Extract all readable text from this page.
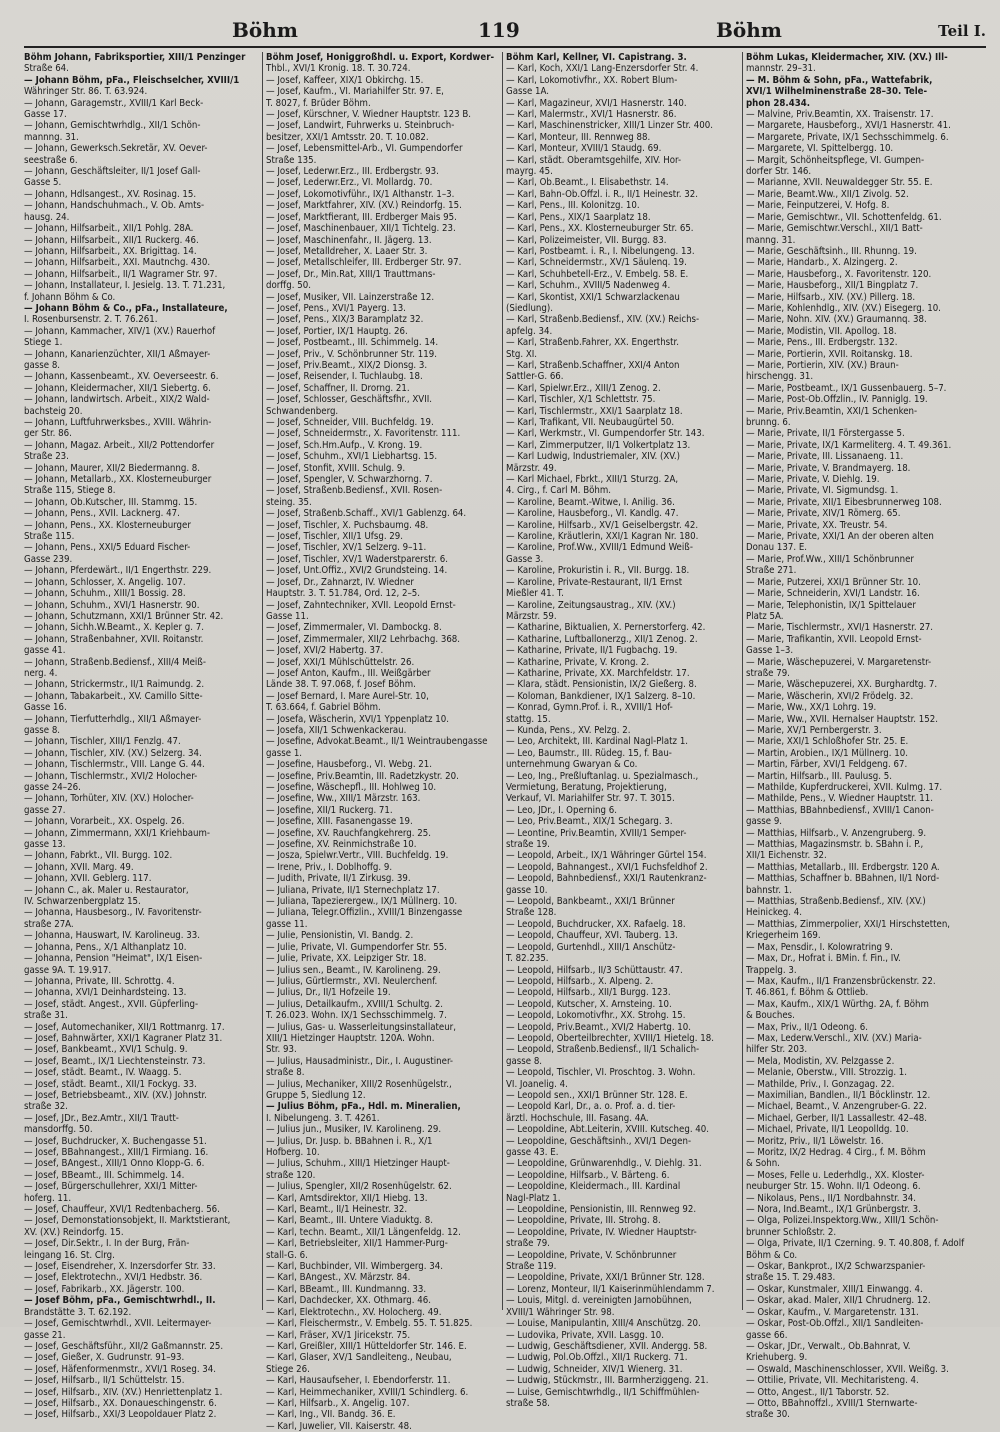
Böhm	119	Böhm	Teil I.
Böhm Johann, Fabriksportier, XIII/1 Penzinger
Straße 64.
— Johann Böhm, pFa., Fleischselcher, XVIII/1
Währinger Str. 86. T. 63.924.
— Johann, Garagemstr., XVIII/1 Karl Beck-
Gasse 17.
— Johann, Gemischtwrhdlg., XII/1 Schön-
mannng. 31.
— Johann, Gewerksch.Sekretär, XV. Oever-
seestraße 6.
— Johann, Geschäftsleiter, II/1 Josef Gall-
Gasse 5.
— Johann, Hdlsangest., XV. Rosinag. 15.
— Johann, Handschuhmach., V. Ob. Amts-
hausg. 24.
— Johann, Hilfsarbeit., XII/1 Pohlg. 28A.
— Johann, Hilfsarbeit., XII/1 Ruckerg. 46.
— Johann, Hilfsarbeit., XX. Brigittag. 14.
— Johann, Hilfsarbeit., XXI. Mautnchg. 430.
— Johann, Hilfsarbeit., II/1 Wagramer Str. 97.
— Johann, Installateur, I. Jesielg. 13. T. 71.231,
f. Johann Böhm & Co.
— Johann Böhm & Co., pFa., Installateure,
I. Rosenbursenstr. 2. T. 76.261.
— Johann, Kammacher, XIV/1 (XV.) Rauerhof
Stiege 1.
— Johann, Kanarienzüchter, XII/1 Aßmayer-
gasse 8.
— Johann, Kassenbeamt., XV. Oeverseestr. 6.
— Johann, Kleidermacher, XII/1 Siebertg. 6.
— Johann, landwirtsch. Arbeit., XIX/2 Wald-
bachsteig 20.
— Johann, Luftfuhrwerksbes., XVIII. Währin-
ger Str. 86.
— Johann, Magaz. Arbeit., XII/2 Pottendorfer
Straße 23.
— Johann, Maurer, XII/2 Biedermanng. 8.
— Johann, Metallarb., XX. Klosterneuburger
Straße 115, Stiege 8.
— Johann, Ob.Kutscher, III. Stammg. 15.
— Johann, Pens., XVII. Lacknerg. 47.
— Johann, Pens., XX. Klosterneuburger
Straße 115.
— Johann, Pens., XXI/5 Eduard Fischer-
Gasse 239.
— Johann, Pferdewärt., II/1 Engerthstr. 229.
— Johann, Schlosser, X. Angelig. 107.
— Johann, Schuhm., XIII/1 Bossig. 28.
— Johann, Schuhm., XVI/1 Hasnerstr. 90.
— Johann, Schutzmann, XXI/1 Brünner Str. 42.
— Johann, Sichh.W.Beamt., X. Kepler g. 7.
— Johann, Straßenbahner, XVII. Roitanstr.
gasse 41.
— Johann, Straßenb.Bediensf., XIII/4 Meiß-
nerg. 4.
— Johann, Strickermstr., II/1 Raimundg. 2.
— Johann, Tabakarbeit., XV. Camillo Sitte-
Gasse 16.
— Johann, Tierfutterhdlg., XII/1 Aßmayer-
gasse 8.
— Johann, Tischler, XIII/1 Fenzlg. 47.
— Johann, Tischler, XIV. (XV.) Selzerg. 34.
— Johann, Tischlermstr., VIII. Lange G. 44.
— Johann, Tischlermstr., XVI/2 Holocher-
gasse 24–26.
— Johann, Torhüter, XIV. (XV.) Holocher-
gasse 27.
— Johann, Vorarbeit., XX. Ospelg. 26.
— Johann, Zimmermann, XXI/1 Kriehbaum-
gasse 13.
— Johann, Fabrkt., VII. Burgg. 102.
— Johann, XVII. Marg. 49.
— Johann, XVII. Geblerg. 117.
— Johann C., ak. Maler u. Restaurator,
IV. Schwarzenbergplatz 15.
— Johanna, Hausbesorg., IV. Favoritenstr-
straße 27A.
— Johanna, Hauswart, IV. Karolineug. 33.
— Johanna, Pens., X/1 Althanplatz 10.
— Johanna, Pension "Heimat", IX/1 Eisen-
gasse 9A. T. 19.917.
— Johanna, Private, III. Schrottg. 4.
— Johanna, XVI/1 Deinhardsteing. 13.
— Josef, städt. Angest., XVII. Güpferling-
straße 31.
— Josef, Automechaniker, XII/1 Rottmanrg. 17.
— Josef, Bahnwärter, XXI/1 Kagraner Platz 31.
— Josef, Bankbeamt., XVI/1 Schulg. 9.
— Josef, Beamt., IX/1 Liechtensteinstr. 73.
— Josef, städt. Beamt., IV. Waagg. 5.
— Josef, städt. Beamt., XII/1 Fockyg. 33.
— Josef, Betriebsbeamt., XIV. (XV.) Johnstr.
straße 32.
— Josef, JDr., Bez.Amtr., XII/1 Trautt-
mansdorffg. 50.
— Josef, Buchdrucker, X. Buchengasse 51.
— Josef, BBahnangest., XIII/1 Firmiang. 16.
— Josef, BAngest., XIII/1 Onno Klopp-G. 6.
— Josef, BBeamt., III. Schimmelg. 14.
— Josef, Bürgerschullehrer, XXI/1 Mitter-
hoferg. 11.
— Josef, Chauffeur, XVI/1 Redtenbacherg. 56.
— Josef, Demonstationsobjekt, II. Marktstierant,
XV. (XV.) Reindorfg. 15.
— Josef, Dir.Sektr., I. In der Burg, Frän-
leingang 16. St. Clrg.
— Josef, Eisendreher, X. Inzersdorfer Str. 33.
— Josef, Elektrotechn., XVI/1 Hedbstr. 36.
— Josef, Fabrikarb., XX. Jägerstr. 100.
— Josef Böhm, pFa., Gemischtwrhdl., II.
Brandstätte 3. T. 62.192.
— Josef, Gemischtwrhdl., XVII. Leitermayer-
gasse 21.
— Josef, Geschäftsführ., XII/2 Gaßmannstr. 25.
— Josef, Gießer, X. Gudrunstr. 91–93.
— Josef, Häfenformenmstr., XVI/1 Roseg. 34.
— Josef, Hilfsarb., II/1 Schüttelstr. 15.
— Josef, Hilfsarb., XIV. (XV.) Henriettenplatz 1.
— Josef, Hilfsarb., XX. Donaueschingenstr. 6.
— Josef, Hilfsarb., XXI/3 Leopoldauer Platz 2.
Böhm Josef, Honiggroßhdl. u. Export, Kordwer-
Thbl., XVI/1 Kronig. 18. T. 30.724.
— Josef, Kaffeer, XIX/1 Obkirchg. 15.
— Josef, Kaufm., VI. Mariahilfer Str. 97. E,
T. 8027, f. Brüder Böhm.
— Josef, Kürschner, V. Wiedner Hauptstr. 123 B.
— Josef, Landwirt, Fuhrwerks u. Steinbruch-
besitzer, XXI/1 Amtsstr. 20. T. 10.082.
— Josef, Lebensmittel-Arb., VI. Gumpendorfer
Straße 135.
— Josef, Lederwr.Erz., III. Erdbergstr. 93.
— Josef, Lederwr.Erz., VI. Mollardg. 70.
— Josef, Lokomotivführ., IX/1 Althanstr. 1–3.
— Josef, Marktfahrer, XIV. (XV.) Reindorfg. 15.
— Josef, Marktfierant, III. Erdberger Mais 95.
— Josef, Maschinenbauer, XII/1 Tichtelg. 23.
— Josef, Maschinenfahr., II. Jägerg. 13.
— Josef, Metalldreher, X. Laaer Str. 3.
— Josef, Metallschleifer, III. Erdberger Str. 97.
— Josef, Dr., Min.Rat, XIII/1 Trauttmans-
dorffg. 50.
— Josef, Musiker, VII. Lainzerstraße 12.
— Josef, Pens., XVI/1 Payerg. 13.
— Josef, Pens., XIX/3 Baramplatz 32.
— Josef, Portier, IX/1 Hauptg. 26.
— Josef, Postbeamt., III. Schimmelg. 14.
— Josef, Priv., V. Schönbrunner Str. 119.
— Josef, Priv.Beamt., XIX/2 Dionsg. 3.
— Josef, Reisender, I. Tuchlaubg. 18.
— Josef, Schaffner, II. Drorng. 21.
— Josef, Schlosser, Geschäftsfhr., XVII.
Schwandenberg.
— Josef, Schneider, VIII. Buchfeldg. 19.
— Josef, Schneidermstr., X. Favoritenstr. 111.
— Josef, Sch.Hm.Aufp., V. Krong. 19.
— Josef, Schuhm., XVI/1 Liebhartsg. 15.
— Josef, Stonfit, XVIII. Schulg. 9.
— Josef, Spengler, V. Schwarzhorng. 7.
— Josef, Straßenb.Bediensf., XVII. Rosen-
steing. 35.
— Josef, Straßenb.Schaff., XVI/1 Gablenzg. 64.
— Josef, Tischler, X. Puchsbaumg. 48.
— Josef, Tischler, XII/1 Ufsg. 29.
— Josef, Tischler, XV/1 Selzerg. 9–11.
— Josef, Tischler, XV/1 Waderstparerstr. 6.
— Josef, Unt.Offiz., XVI/2 Grundsteing. 14.
— Josef, Dr., Zahnarzt, IV. Wiedner
Hauptstr. 3. T. 51.784, Ord. 12, 2–5.
— Josef, Zahntechniker, XVII. Leopold Ernst-
Gasse 11.
— Josef, Zimmermaler, VI. Dambockg. 8.
— Josef, Zimmermaler, XII/2 Lehrbachg. 368.
— Josef, XVI/2 Habertg. 37.
— Josef, XXI/1 Mühlschüttelstr. 26.
— Josef Anton, Kaufm., III. Weißgärber
Lände 38. T. 97.068, f. Josef Böhm.
— Josef Bernard, I. Mare Aurel-Str. 10,
T. 63.664, f. Gabriel Böhm.
— Josefa, Wäscherin, XVI/1 Yppenplatz 10.
— Josefa, XII/1 Schwenkackerau.
— Josefine, Advokat.Beamt., II/1 Weintraubengasse
gasse 1.
— Josefine, Hausbeforg., VI. Webg. 21.
— Josefine, Priv.Beamtin, III. Radetzkystr. 20.
— Josefine, Wäschepfl., III. Hohlweg 10.
— Josefine, Ww., XIII/1 Märzstr. 163.
— Josefine, XII/1 Ruckerg. 71.
— Josefine, XIII. Fasanengasse 19.
— Josefine, XV. Rauchfangkehrerg. 25.
— Josefine, XV. Reinmichstraße 10.
— Josza, Spielwr.Vertr., VIII. Buchfeldg. 19.
— Irene, Priv., I. Doblhoffg. 9.
— Judith, Private, II/1 Zirkusg. 39.
— Juliana, Private, II/1 Sternechplatz 17.
— Juliana, Tapezierergew., IX/1 Müllnerg. 10.
— Juliana, Telegr.Offizlin., XVIII/1 Binzengasse
gasse 11.
— Julie, Pensionistin, VI. Bandg. 2.
— Julie, Private, VI. Gumpendorfer Str. 55.
— Julie, Private, XX. Leipziger Str. 18.
— Julius sen., Beamt., IV. Karolineng. 29.
— Julius, Gürtlermstr., XVI. Neulerchenf.
— Julius, Dr., II/1 Hofzeile 19.
— Julius, Detailkaufm., XVIII/1 Schultg. 2.
T. 26.023. Wohn. IX/1 Sechsschimmelg. 7.
— Julius, Gas- u. Wasserleitungsinstallateur,
XIII/1 Hietzinger Hauptstr. 120A. Wohn.
Str. 93.
— Julius, Hausadministr., Dir., I. Augustiner-
straße 8.
— Julius, Mechaniker, XIII/2 Rosenhügelstr.,
Gruppe 5, Siedlung 12.
— Julius Böhm, pFa., Hdl. m. Mineralien,
I. Nibelungeng. 3. T. 4261.
— Julius jun., Musiker, IV. Karolineng. 29.
— Julius, Dr. Jusp. b. BBahnen i. R., X/1
Hofberg. 10.
— Julius, Schuhm., XIII/1 Hietzinger Haupt-
straße 120.
— Julius, Spengler, XII/2 Rosenhügelstr. 62.
— Karl, Amtsdirektor, XII/1 Hiebg. 13.
— Karl, Beamt., II/1 Heinestr. 32.
— Karl, Beamt., III. Untere Viaduktg. 8.
— Karl, techn. Beamt., XII/1 Längenfeldg. 12.
— Karl, Betriebsleiter, XII/1 Hammer-Purg-
stall-G. 6.
— Karl, Buchbinder, VII. Wimbergerg. 34.
— Karl, BAngest., XV. Märzstr. 84.
— Karl, BBeamt., III. Kundmanng. 33.
— Karl, Dachdecker, XX. Othmarg. 46.
— Karl, Elektrotechn., XV. Holocherg. 49.
— Karl, Fleischermstr., V. Embelg. 55. T. 51.825.
— Karl, Fräser, XV/1 Jiricekstr. 75.
— Karl, Greißler, XIII/1 Hütteldorfer Str. 146. E.
— Karl, Glaser, XV/1 Sandleiteng., Neubau,
Stiege 26.
— Karl, Hausaufseher, I. Ebendorferstr. 11.
— Karl, Heimmechaniker, XVIII/1 Schindlerg. 6.
— Karl, Hilfsarb., X. Angelig. 107.
— Karl, Ing., VII. Bandg. 36. E.
— Karl, Juwelier, VII. Kaiserstr. 48.
Böhm Karl, Kellner, VI. Capistrang. 3.
— Karl, Koch, XXI/1 Lang-Enzersdorfer Str. 4.
— Karl, Lokomotivfhr., XX. Robert Blum-
Gasse 1A.
— Karl, Magazineur, XVI/1 Hasnerstr. 140.
— Karl, Malermstr., XVI/1 Hasnerstr. 86.
— Karl, Maschinenstricker, XIII/1 Linzer Str. 400.
— Karl, Monteur, III. Rennweg 88.
— Karl, Monteur, XVIII/1 Staudg. 69.
— Karl, städt. Oberamtsgehilfe, XIV. Hor-
mayrg. 45.
— Karl, Ob.Beamt., I. Elisabethstr. 14.
— Karl, Bahn-Ob.Offzl. i. R., II/1 Heinestr. 32.
— Karl, Pens., III. Kolonitzg. 10.
— Karl, Pens., XIX/1 Saarplatz 18.
— Karl, Pens., XX. Klosterneuburger Str. 65.
— Karl, Polizeimeister, VII. Burgg. 83.
— Karl, Postbeamt. i. R., I. Nibelungeng. 13.
— Karl, Schneidermstr., XV/1 Säulenq. 19.
— Karl, Schuhbetell-Erz., V. Embelg. 58. E.
— Karl, Schuhm., XVIII/5 Nadenweg 4.
— Karl, Skontist, XXI/1 Schwarzlackenau
(Siedlung).
— Karl, Straßenb.Bediensf., XIV. (XV.) Reichs-
apfelg. 34.
— Karl, Straßenb.Fahrer, XX. Engerthstr.
Stg. XI.
— Karl, Straßenb.Schaffner, XXI/4 Anton
Sattler-G. 66.
— Karl, Spielwr.Erz., XIII/1 Zenog. 2.
— Karl, Tischler, X/1 Schlettstr. 75.
— Karl, Tischlermstr., XXI/1 Saarplatz 18.
— Karl, Trafikant, VII. Neubaugürtel 50.
— Karl, Werkmstr., VI. Gumpendorfer Str. 143.
— Karl, Zimmerputzer, II/1 Volkertplatz 13.
— Karl Ludwig, Industriemaler, XIV. (XV.)
Märzstr. 49.
— Karl Michael, Fbrkt., XIII/1 Sturzg. 2A,
4. Cirg., f. Carl M. Böhm.
— Karoline, Beamt.-Witwe, I. Anilig. 36.
— Karoline, Hausbeforg., VI. Kandlg. 47.
— Karoline, Hilfsarb., XV/1 Geiselbergstr. 42.
— Karoline, Kräutlerin, XXI/1 Kagran Nr. 180.
— Karoline, Prof.Ww., XVIII/1 Edmund Weiß-
Gasse 3.
— Karoline, Prokuristin i. R., VII. Burgg. 18.
— Karoline, Private-Restaurant, II/1 Ernst
Mießler 41. T.
— Karoline, Zeitungsaustrag., XIV. (XV.)
Märzstr. 59.
— Katharine, Biktualien, X. Pernerstorferg. 42.
— Katharine, Luftballonerzg., XII/1 Zenog. 2.
— Katharine, Private, II/1 Fugbachg. 19.
— Katharine, Private, V. Krong. 2.
— Katharine, Private, XX. Marchfeldstr. 17.
— Klara, städt. Pensionistin, IX/2 Gießerg. 8.
— Koloman, Bankdiener, IX/1 Salzerg. 8–10.
— Konrad, Gymn.Prof. i. R., XVIII/1 Hof-
stattg. 15.
— Kunda, Pens., XV. Pelzg. 2.
— Leo, Architekt, III. Kardinal Nagl-Platz 1.
— Leo, Baumstr., III. Rüdeg. 15, f. Bau-
unternehmung Gwaryan & Co.
— Leo, Ing., Preßluftanlag. u. Spezialmasch.,
Vermietung, Beratung, Projektierung,
Verkauf, VI. Mariahilfer Str. 97. T. 3015.
— Leo, JDr., I. Operning 6.
— Leo, Priv.Beamt., XIX/1 Schegarg. 3.
— Leontine, Priv.Beamtin, XVIII/1 Semper-
straße 19.
— Leopold, Arbeit., IX/1 Währinger Gürtel 154.
— Leopold, Bahnangest., XVI/1 Fuchsfeldhof 2.
— Leopold, Bahnbediensf., XXI/1 Rautenkranz-
gasse 10.
— Leopold, Bankbeamt., XXI/1 Brünner
Straße 128.
— Leopold, Buchdrucker, XX. Rafaelg. 18.
— Leopold, Chauffeur, XVI. Tauberg. 13.
— Leopold, Gurtenhdl., XIII/1 Anschütz-
T. 82.235.
— Leopold, Hilfsarb., II/3 Schüttaustr. 47.
— Leopold, Hilfsarb., X. Alpeng. 2.
— Leopold, Hilfsarb., XII/1 Burgg. 123.
— Leopold, Kutscher, X. Arnsteing. 10.
— Leopold, Lokomotivfhr., XX. Strohg. 15.
— Leopold, Priv.Beamt., XVI/2 Habertg. 10.
— Leopold, Oberteilbrechter, XVIII/1 Hietelg. 18.
— Leopold, Straßenb.Bediensf., II/1 Schalich-
gasse 8.
— Leopold, Tischler, VI. Proschtog. 3. Wohn.
VI. Joanelig. 4.
— Leopold sen., XXI/1 Brünner Str. 128. E.
— Leopold Karl, Dr., a. o. Prof. a. d. tier-
ärztl. Hochschule, III. Fasang. 4A.
— Leopoldine, Abt.Leiterin, XVIII. Kutscheg. 40.
— Leopoldine, Geschäftsinh., XVI/1 Degen-
gasse 43. E.
— Leopoldine, Grünwarenhdlg., V. Diehlg. 31.
— Leopoldine, Hilfsarb., V. Bärteng. 6.
— Leopoldine, Kleidermach., III. Kardinal
Nagl-Platz 1.
— Leopoldine, Pensionistin, III. Rennweg 92.
— Leopoldine, Private, III. Strohg. 8.
— Leopoldine, Private, IV. Wiedner Hauptstr-
straße 79.
— Leopoldine, Private, V. Schönbrunner
Straße 119.
— Leopoldine, Private, XXI/1 Brünner Str. 128.
— Lorenz, Monteur, II/1 Kaiserinmühlendamm 7.
— Louis, Mitgl. d. vereinigten Jarnobühnen,
XVIII/1 Währinger Str. 98.
— Louise, Manipulantin, XIII/4 Anschützg. 20.
— Ludovika, Private, XVII. Lasgg. 10.
— Ludwig, Geschäftsdiener, XVII. Andergg. 58.
— Ludwig, Pol.Ob.Offzl., XII/1 Ruckerg. 71.
— Ludwig, Schneider, XIV/1 Wienerg. 31.
— Ludwig, Stückmstr., III. Barmherziggeng. 21.
— Luise, Gemischtwrhdlg., II/1 Schiffmühlen-
straße 58.
Böhm Lukas, Kleidermacher, XIV. (XV.) Ill-
mannstr. 29–31.
— M. Böhm & Sohn, pFa., Wattefabrik,
XVI/1 Wilhelminenstraße 28–30. Tele-
phon 28.434.
— Malvine, Priv.Beamtin, XX. Traisenstr. 17.
— Margarete, Hausbeforg., XVI/1 Hasnerstr. 41.
— Margarete, Private, IX/1 Sechsschimmelg. 6.
— Margarete, VI. Spittelbergg. 10.
— Margit, Schönheitspflege, VI. Gumpen-
dorfer Str. 146.
— Marianne, XVII. Neuwaldegger Str. 55. E.
— Marie, Beamt.Ww., XII/1 Zivolg. 52.
— Marie, Feinputzerei, V. Hofg. 8.
— Marie, Gemischtwr., VII. Schottenfeldg. 61.
— Marie, Gemischtwr.Verschl., XII/1 Batt-
manng. 31.
— Marie, Geschäftsinh., III. Rhunng. 19.
— Marie, Handarb., X. Alzingerg. 2.
— Marie, Hausbeforg., X. Favoritenstr. 120.
— Marie, Hausbeforg., XII/1 Bingplatz 7.
— Marie, Hilfsarb., XIV. (XV.) Pillerg. 18.
— Marie, Kohlenhdlg., XIV. (XV.) Eisegerg. 10.
— Marie, Nohn. XIV. (XV.) Graumannq. 38.
— Marie, Modistin, VII. Apollog. 18.
— Marie, Pens., III. Erdbergstr. 132.
— Marie, Portierin, XVII. Roitanskg. 18.
— Marie, Portierin, XIV. (XV.) Braun-
hirschengg. 31.
— Marie, Postbeamt., IX/1 Gussenbauerg. 5–7.
— Marie, Post-Ob.Offzlin., IV. Panniglg. 19.
— Marie, Priv.Beamtin, XXI/1 Schenken-
brunng. 6.
— Marie, Private, II/1 Förstergasse 5.
— Marie, Private, IX/1 Karmeliterg. 4. T. 49.361.
— Marie, Private, III. Lissanaeng. 11.
— Marie, Private, V. Brandmayerg. 18.
— Marie, Private, V. Diehlg. 19.
— Marie, Private, VI. Sigmundsg. 1.
— Marie, Private, XII/1 Eibesbrunnerweg 108.
— Marie, Private, XIV/1 Römerg. 65.
— Marie, Private, XX. Treustr. 54.
— Marie, Private, XXI/1 An der oberen alten
Donau 137. E.
— Marie, Prof.Ww., XIII/1 Schönbrunner
Straße 271.
— Marie, Putzerei, XXI/1 Brünner Str. 10.
— Marie, Schneiderin, XVI/1 Landstr. 16.
— Marie, Telephonistin, IX/1 Spittelauer
Platz 5A.
— Marie, Tischlermstr., XVI/1 Hasnerstr. 27.
— Marie, Trafikantin, XVII. Leopold Ernst-
Gasse 1–3.
— Marie, Wäschepuzerei, V. Margaretenstr-
straße 79.
— Marie, Wäschepuzerei, XX. Burghardtg. 7.
— Marie, Wäscherin, XVI/2 Frödelg. 32.
— Marie, Ww., XX/1 Lohrg. 19.
— Marie, Ww., XVII. Hernalser Hauptstr. 152.
— Marie, XV/1 Pernbergerstr. 3.
— Marie, XXI/1 Schloßhofer Str. 25. E.
— Martin, Arobien., IX/1 Müllnerg. 10.
— Martin, Färber, XVI/1 Feldgeng. 67.
— Martin, Hilfsarb., III. Paulusg. 5.
— Mathilde, Kupferdruckerei, XVII. Kulmg. 17.
— Mathilde, Pens., V. Wiedner Hauptstr. 11.
— Matthias, BBahnbediensf., XVIII/1 Canon-
gasse 9.
— Matthias, Hilfsarb., V. Anzengruberg. 9.
— Matthias, Magazinsmstr. b. SBahn i. P.,
XII/1 Eichenstr. 32.
— Matthias, Metallarb., III. Erdbergstr. 120 A.
— Matthias, Schaffner b. BBahnen, II/1 Nord-
bahnstr. 1.
— Matthias, Straßenb.Bediensf., XIV. (XV.)
Heinickeg. 4.
— Matthias, Zimmerpolier, XXI/1 Hirschstetten,
Kriegerheim 169.
— Max, Pensdir., I. Kolowratring 9.
— Max, Dr., Hofrat i. BMin. f. Fin., IV.
Trappelg. 3.
— Max, Kaufm., II/1 Franzensbrückenstr. 22.
T. 46.861, f. Böhm & Ottlieb.
— Max, Kaufm., XIX/1 Würthg. 2A, f. Böhm
& Bouches.
— Max, Priv., II/1 Odeong. 6.
— Max, Lederw.Verschl., XIV. (XV.) Maria-
hilfer Str. 203.
— Mela, Modistin, XV. Pelzgasse 2.
— Melanie, Oberstw., VIII. Strozzig. 1.
— Mathilde, Priv., I. Gonzagag. 22.
— Maximilian, Bandlen., II/1 Böcklinstr. 12.
— Michael, Beamt., V. Anzengruber-G. 22.
— Michael, Gerber, II/1 Lassallestr. 42–48.
— Michael, Private, II/1 Leopolldg. 10.
— Moritz, Priv., II/1 Löwelstr. 16.
— Moritz, IX/2 Hedrag. 4 Cirg., f. M. Böhm
& Sohn.
— Moses, Felle u. Lederhdlg., XX. Kloster-
neuburger Str. 15. Wohn. II/1 Odeong. 6.
— Nikolaus, Pens., II/1 Nordbahnstr. 34.
— Nora, Ind.Beamt., IX/1 Grünbergstr. 3.
— Olga, Polizei.Inspektorg.Ww., XIII/1 Schön-
brunner Schloßstr. 2.
— Olga, Private, II/1 Czerning. 9. T. 40.808, f. Adolf
Böhm & Co.
— Oskar, Bankprot., IX/2 Schwarzspanier-
straße 15. T. 29.483.
— Oskar, Kunstmaler, XIII/1 Einwangg. 4.
— Oskar, akad. Maler, XII/1 Chrudnerg. 12.
— Oskar, Kaufm., V. Margaretenstr. 131.
— Oskar, Post-Ob.Offzl., XII/1 Sandleiten-
gasse 66.
— Oskar, JDr., Verwalt., Ob.Bahnrat, V.
Kriehuberg. 9.
— Oswald, Maschinenschlosser, XVII. Weißg. 3.
— Ottilie, Private, VII. Mechitaristeng. 4.
— Otto, Angest., II/1 Taborstr. 52.
— Otto, BBahnoffzl., XVIII/1 Sternwarte-
straße 30.
